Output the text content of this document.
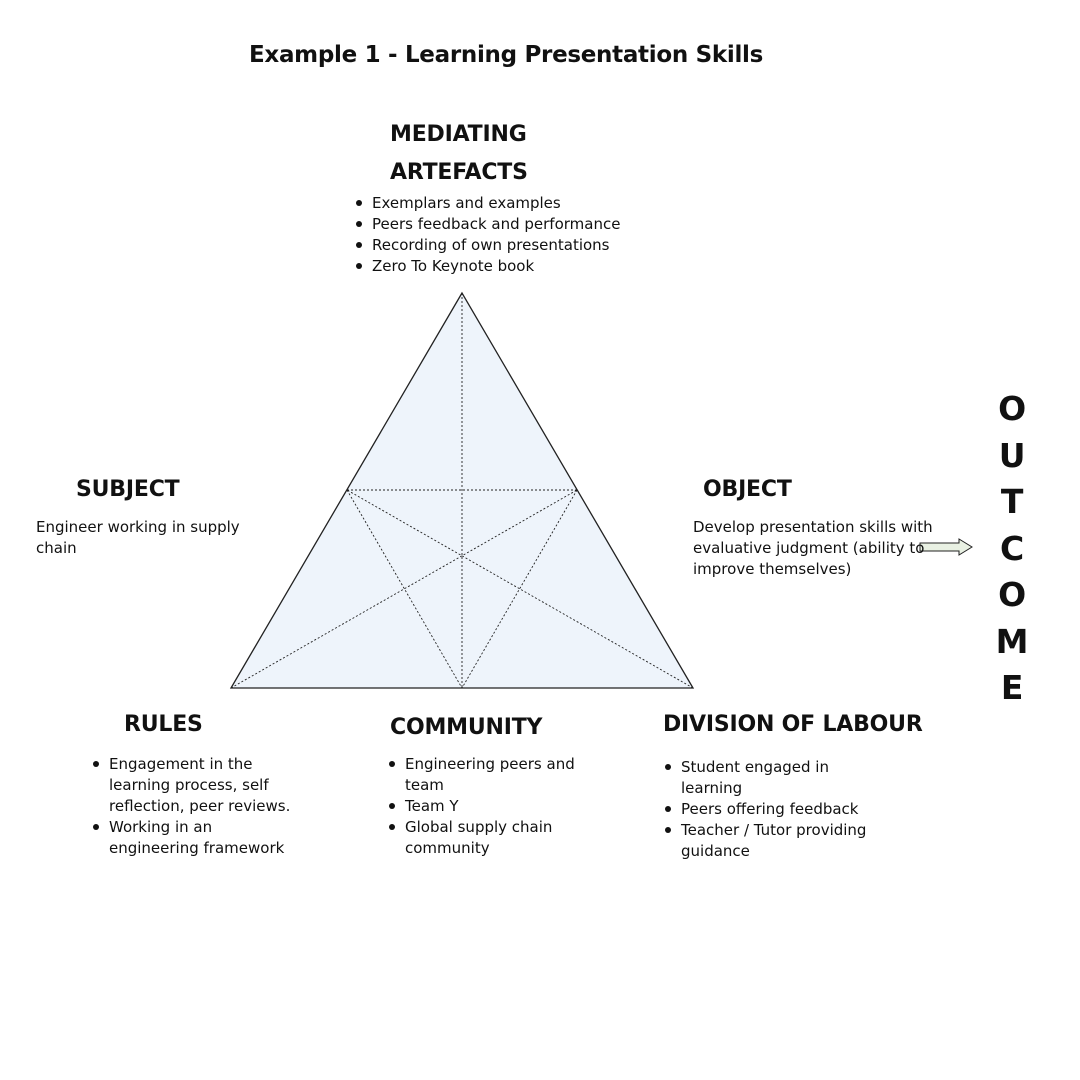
Example 1 - Learning Presentation Skills
MEDIATING
ARTEFACTS
Exemplars and examples
Peers feedback and performance
Recording of own presentations
Zero To Keynote book
SUBJECT
Engineer working in supply chain
OBJECT
Develop presentation skills with evaluative judgment (ability to improve themselves)
OUTCOME
RULES
Engagement in the learning process, self reflection, peer reviews.
Working in an engineering framework
COMMUNITY
Engineering peers and team
Team Y
Global supply chain community
DIVISION OF LABOUR
Student engaged in learning
Peers offering feedback
Teacher / Tutor providing guidance
